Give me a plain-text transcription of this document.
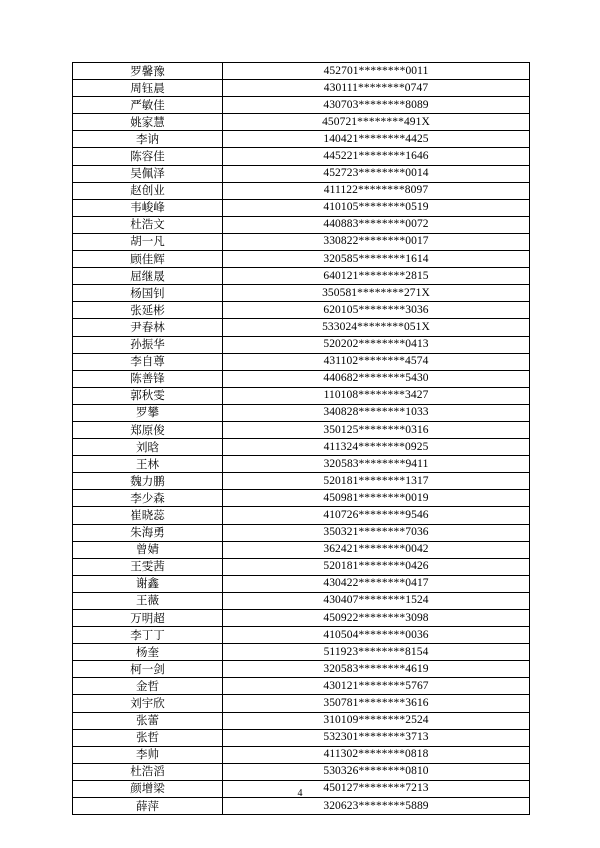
罗馨豫	452701********0011
周钰晨	430111********0747
严敏佳	430703********8089
姚家慧	450721********491X
李讷	140421********4425
陈容佳	445221********1646
吴佩泽	452723********0014
赵创业	411122********8097
韦峻峰	410105********0519
杜浩文	440883********0072
胡一凡	330822********0017
顾佳辉	320585********1614
屈继晟	640121********2815
杨国钊	350581********271X
张延彬	620105********3036
尹春林	533024********051X
孙振华	520202********0413
李自尊	431102********4574
陈善锋	440682********5430
郭秋雯	110108********3427
罗攀	340828********1033
郑原俊	350125********0316
刘晗	411324********0925
王林	320583********9411
魏力鹏	520181********1317
李少森	450981********0019
崔晓蕊	410726********9546
朱海勇	350321********7036
曾婧	362421********0042
王雯茜	520181********0426
谢鑫	430422********0417
王薇	430407********1524
万明超	450922********3098
李丁丁	410504********0036
杨奎	511923********8154
柯一剑	320583********4619
金哲	430121********5767
刘宇欣	350781********3616
张蕾	310109********2524
张哲	532301********3713
李帅	411302********0818
杜浩滔	530326********0810
颜增梁	450127********7213
薛萍	320623********5889
4
